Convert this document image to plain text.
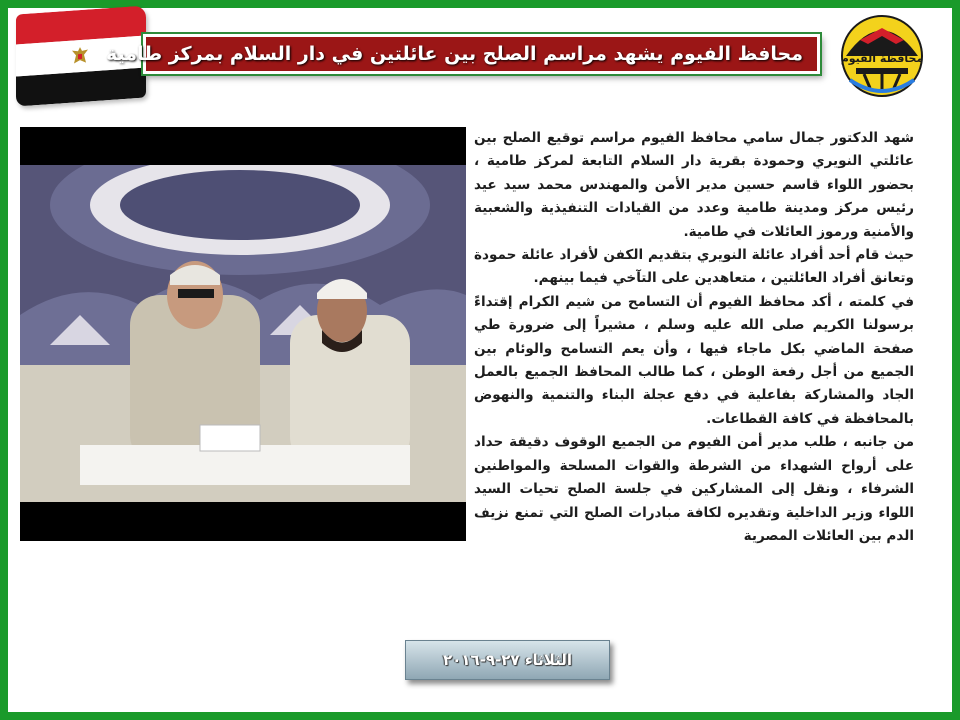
محافظ الفيوم يشهد مراسم الصلح بين عائلتين في دار السلام بمركز طامية	محافظة الفيوم

شهد الدكتور جمال سامي محافظ الفيوم مراسم توقيع الصلح بين عائلتي النويري وحمودة بقرية دار السلام التابعة لمركز طامية ، بحضور اللواء قاسم حسين مدير الأمن والمهندس محمد سيد عيد رئيس مركز ومدينة طامية وعدد من القيادات التنفيذية والشعبية والأمنية ورموز العائلات في طامية.

حيث قام أحد أفراد عائلة النويري بتقديم الكفن لأفراد عائلة حمودة وتعانق أفراد العائلتين ، متعاهدين على التآخي فيما بينهم.

في كلمته ، أكد محافظ الفيوم أن التسامح من شيم الكرام إقتداءً برسولنا الكريم صلى الله عليه وسلم ، مشيراً إلى ضرورة طي صفحة الماضي بكل ماجاء فيها ، وأن يعم التسامح والوئام بين الجميع من أجل رفعة الوطن ، كما طالب المحافظ الجميع بالعمل الجاد والمشاركة بفاعلية في دفع عجلة البناء والتنمية والنهوض بالمحافظة في كافة القطاعات.

من جانبه ، طلب مدير أمن الفيوم من الجميع الوقوف دقيقة حداد على أرواح الشهداء من الشرطة والقوات المسلحة والمواطنين الشرفاء ، ونقل إلى المشاركين في جلسة الصلح تحيات السيد اللواء وزير الداخلية وتقديره لكافة مبادرات الصلح التي تمنع نزيف الدم بين العائلات المصرية

الثلاثاء ٢٧-٩-٢٠١٦
